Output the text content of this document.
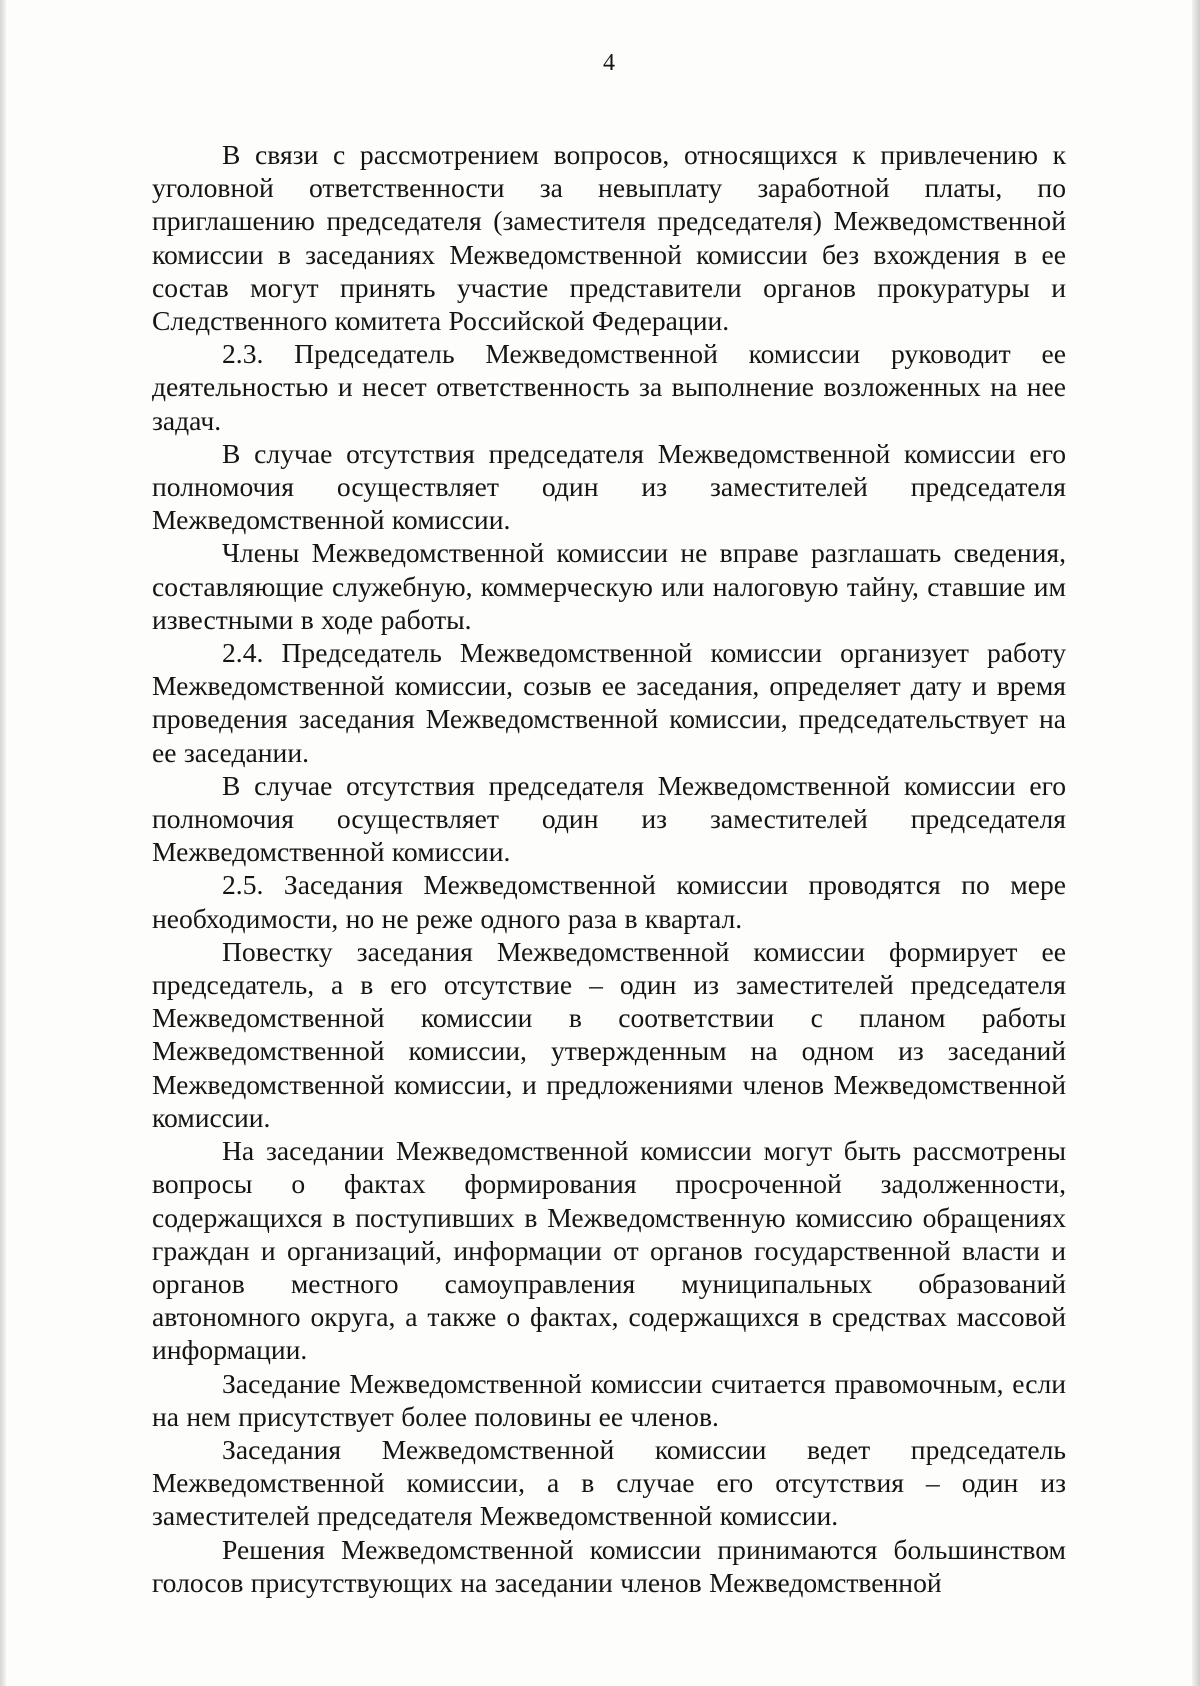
4

В связи с рассмотрением вопросов, относящихся к привлечению к уголовной ответственности за невыплату заработной платы, по приглашению председателя (заместителя председателя) Межведомственной комиссии в заседаниях Межведомственной комиссии без вхождения в ее состав могут принять участие представители органов прокуратуры и Следственного комитета Российской Федерации.

2.3. Председатель Межведомственной комиссии руководит ее деятельностью и несет ответственность за выполнение возложенных на нее задач.

В случае отсутствия председателя Межведомственной комиссии его полномочия осуществляет один из заместителей председателя Межведомственной комиссии.

Члены Межведомственной комиссии не вправе разглашать сведения, составляющие служебную, коммерческую или налоговую тайну, ставшие им известными в ходе работы.

2.4. Председатель Межведомственной комиссии организует работу Межведомственной комиссии, созыв ее заседания, определяет дату и время проведения заседания Межведомственной комиссии, председательствует на ее заседании.

В случае отсутствия председателя Межведомственной комиссии его полномочия осуществляет один из заместителей председателя Межведомственной комиссии.

2.5. Заседания Межведомственной комиссии проводятся по мере необходимости, но не реже одного раза в квартал.

Повестку заседания Межведомственной комиссии формирует ее председатель, а в его отсутствие – один из заместителей председателя Межведомственной комиссии в соответствии с планом работы Межведомственной комиссии, утвержденным на одном из заседаний Межведомственной комиссии, и предложениями членов Межведомственной комиссии.

На заседании Межведомственной комиссии могут быть рассмотрены вопросы о фактах формирования просроченной задолженности, содержащихся в поступивших в Межведомственную комиссию обращениях граждан и организаций, информации от органов государственной власти и органов местного самоуправления муниципальных образований автономного округа, а также о фактах, содержащихся в средствах массовой информации.

Заседание Межведомственной комиссии считается правомочным, если на нем присутствует более половины ее членов.

Заседания Межведомственной комиссии ведет председатель Межведомственной комиссии, а в случае его отсутствия – один из заместителей председателя Межведомственной комиссии.

Решения Межведомственной комиссии принимаются большинством голосов присутствующих на заседании членов Межведомственной
